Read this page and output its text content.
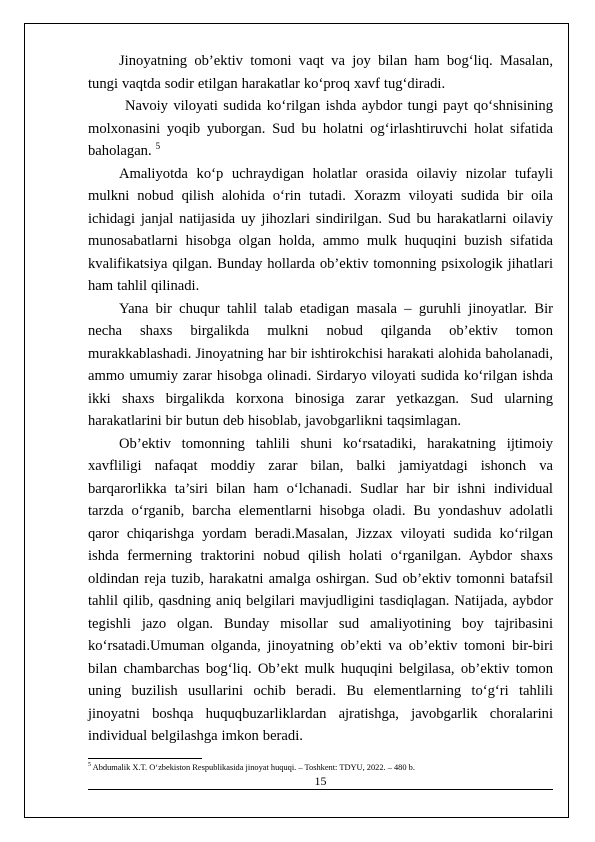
Jinoyatning ob’ektiv tomoni vaqt va joy bilan ham bog‘liq. Masalan, tungi vaqtda sodir etilgan harakatlar ko‘proq xavf tug‘diradi.

Navoiy viloyati sudida ko‘rilgan ishda aybdor tungi payt qo‘shnisining molxonasini yoqib yuborgan. Sud bu holatni og‘irlashtiruvchi holat sifatida baholagan. $^5$

Amaliyotda ko‘p uchraydigan holatlar orasida oilaviy nizolar tufayli mulkni nobud qilish alohida o‘rin tutadi. Xorazm viloyati sudida bir oila ichidagi janjal natijasida uy jihozlari sindirilgan. Sud bu harakatlarni oilaviy munosabatlarni hisobga olgan holda, ammo mulk huquqini buzish sifatida kvalifikatsiya qilgan. Bunday hollarda ob’ektiv tomonning psixologik jihatlari ham tahlil qilinadi.

Yana bir chuqur tahlil talab etadigan masala – guruhli jinoyatlar. Bir necha shaxs birgalikda mulkni nobud qilganda ob’ektiv tomon murakkablashadi. Jinoyatning har bir ishtirokchisi harakati alohida baholanadi, ammo umumiy zarar hisobga olinadi. Sirdaryo viloyati sudida ko‘rilgan ishda ikki shaxs birgalikda korxona binosiga zarar yetkazgan. Sud ularning harakatlarini bir butun deb hisoblab, javobgarlikni taqsimlagan.

Ob’ektiv tomonning tahlili shuni ko‘rsatadiki, harakatning ijtimoiy xavfliligi nafaqat moddiy zarar bilan, balki jamiyatdagi ishonch va barqarorlikka ta’siri bilan ham o‘lchanadi. Sudlar har bir ishni individual tarzda o‘rganib, barcha elementlarni hisobga oladi. Bu yondashuv adolatli qaror chiqarishga yordam beradi.Masalan, Jizzax viloyati sudida ko‘rilgan ishda fermerning traktorini nobud qilish holati o‘rganilgan. Aybdor shaxs oldindan reja tuzib, harakatni amalga oshirgan. Sud ob’ektiv tomonni batafsil tahlil qilib, qasdning aniq belgilari mavjudligini tasdiqlagan. Natijada, aybdor tegishli jazo olgan. Bunday misollar sud amaliyotining boy tajribasini ko‘rsatadi.Umuman olganda, jinoyatning ob’ekti va ob’ektiv tomoni bir-biri bilan chambarchas bog‘liq. Ob’ekt mulk huquqini belgilasa, ob’ektiv tomon uning buzilish usullarini ochib beradi. Bu elementlarning to‘g‘ri tahlili jinoyatni boshqa huquqbuzarliklardan ajratishga, javobgarlik choralarini individual belgilashga imkon beradi.

$^5$ Abdumalik X.T. O‘zbekiston Respublikasida jinoyat huquqi. – Toshkent: TDYU, 2022. – 480 b.
15
